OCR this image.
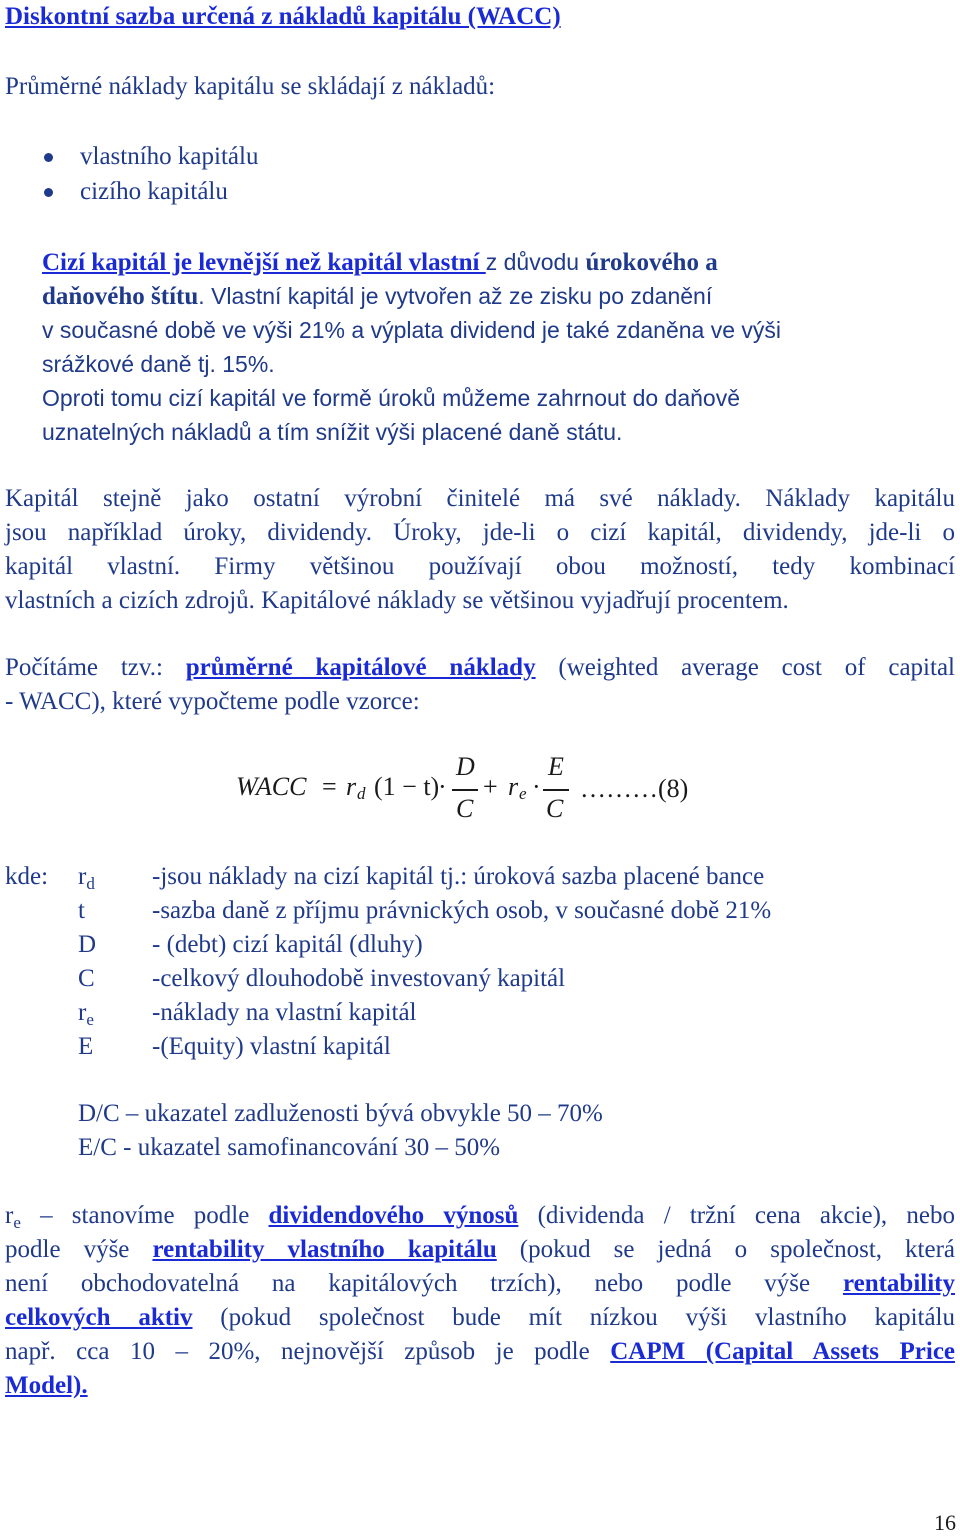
Diskontní sazba určená z nákladů kapitálu (WACC)
Průměrné náklady kapitálu se skládají z nákladů:
vlastního kapitálu
cizího kapitálu
Cizí kapitál je levnější než kapitál vlastní z důvodu úrokového a
daňového štítu. Vlastní kapitál je vytvořen až ze zisku po zdanění
v současné době ve výši 21% a výplata dividend je také zdaněna ve výši
srážkové daně tj. 15%.
Oproti tomu cizí kapitál ve formě úroků můžeme zahrnout do daňově
uznatelných nákladů a tím snížit výši placené daně státu.
Kapitál stejně jako ostatní výrobní činitelé má své náklady. Náklady kapitálu
jsou například úroky, dividendy. Úroky, jde-li o cizí kapitál, dividendy, jde-li o
kapitál vlastní. Firmy většinou používají obou možností, tedy kombinací
vlastních a cizích zdrojů. Kapitálové náklady se většinou vyjadřují procentem.
Počítáme tzv.: průměrné kapitálové náklady (weighted average cost of capital
- WACC), které vypočteme podle vzorce:
WACC = r d (1 − t)
·
D
C
+ r e ·
E
C
………(8)
kde: $r_d$ -jsou náklady na cizí kapitál tj.: úroková sazba placené bance
t	-sazba daně z příjmu právnických osob, v současné době 21%
D - (debt) cizí kapitál (dluhy)
C -celkový dlouhodobě investovaný kapitál
$r_e$ -náklady na vlastní kapitál
E -(Equity) vlastní kapitál
D/C – ukazatel zadluženosti bývá obvykle 50 – 70%
E/C - ukazatel samofinancování 30 – 50%
$r_e$ – stanovíme podle dividendového výnosů (dividenda / tržní cena akcie), nebo
podle výše rentability vlastního kapitálu (pokud se jedná o společnost, která
není obchodovatelná na kapitálových trzích), nebo podle výše rentability
celkových aktiv (pokud společnost bude mít nízkou výši vlastního kapitálu
např. cca 10 – 20%, nejnovější způsob je podle CAPM (Capital Assets Price
Model).
16
